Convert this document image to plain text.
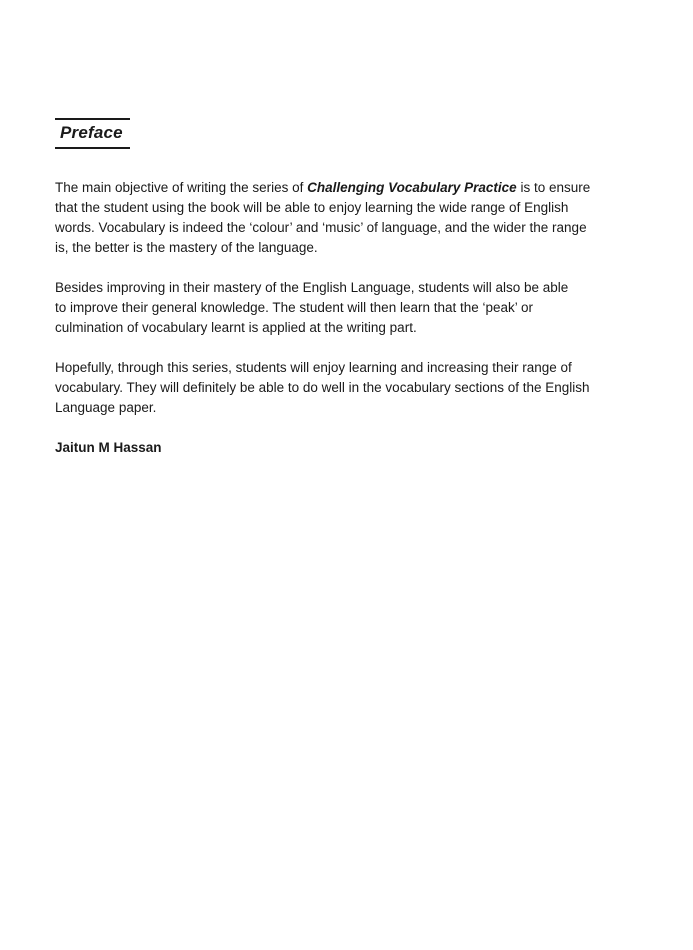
Preface

The main objective of writing the series of Challenging Vocabulary Practice is to ensure
that the student using the book will be able to enjoy learning the wide range of English
words. Vocabulary is indeed the ‘colour’ and ‘music’ of language, and the wider the range
is, the better is the mastery of the language.

Besides improving in their mastery of the English Language, students will also be able
to improve their general knowledge. The student will then learn that the ‘peak’ or
culmination of vocabulary learnt is applied at the writing part.

Hopefully, through this series, students will enjoy learning and increasing their range of
vocabulary. They will definitely be able to do well in the vocabulary sections of the English
Language paper.

Jaitun M Hassan
